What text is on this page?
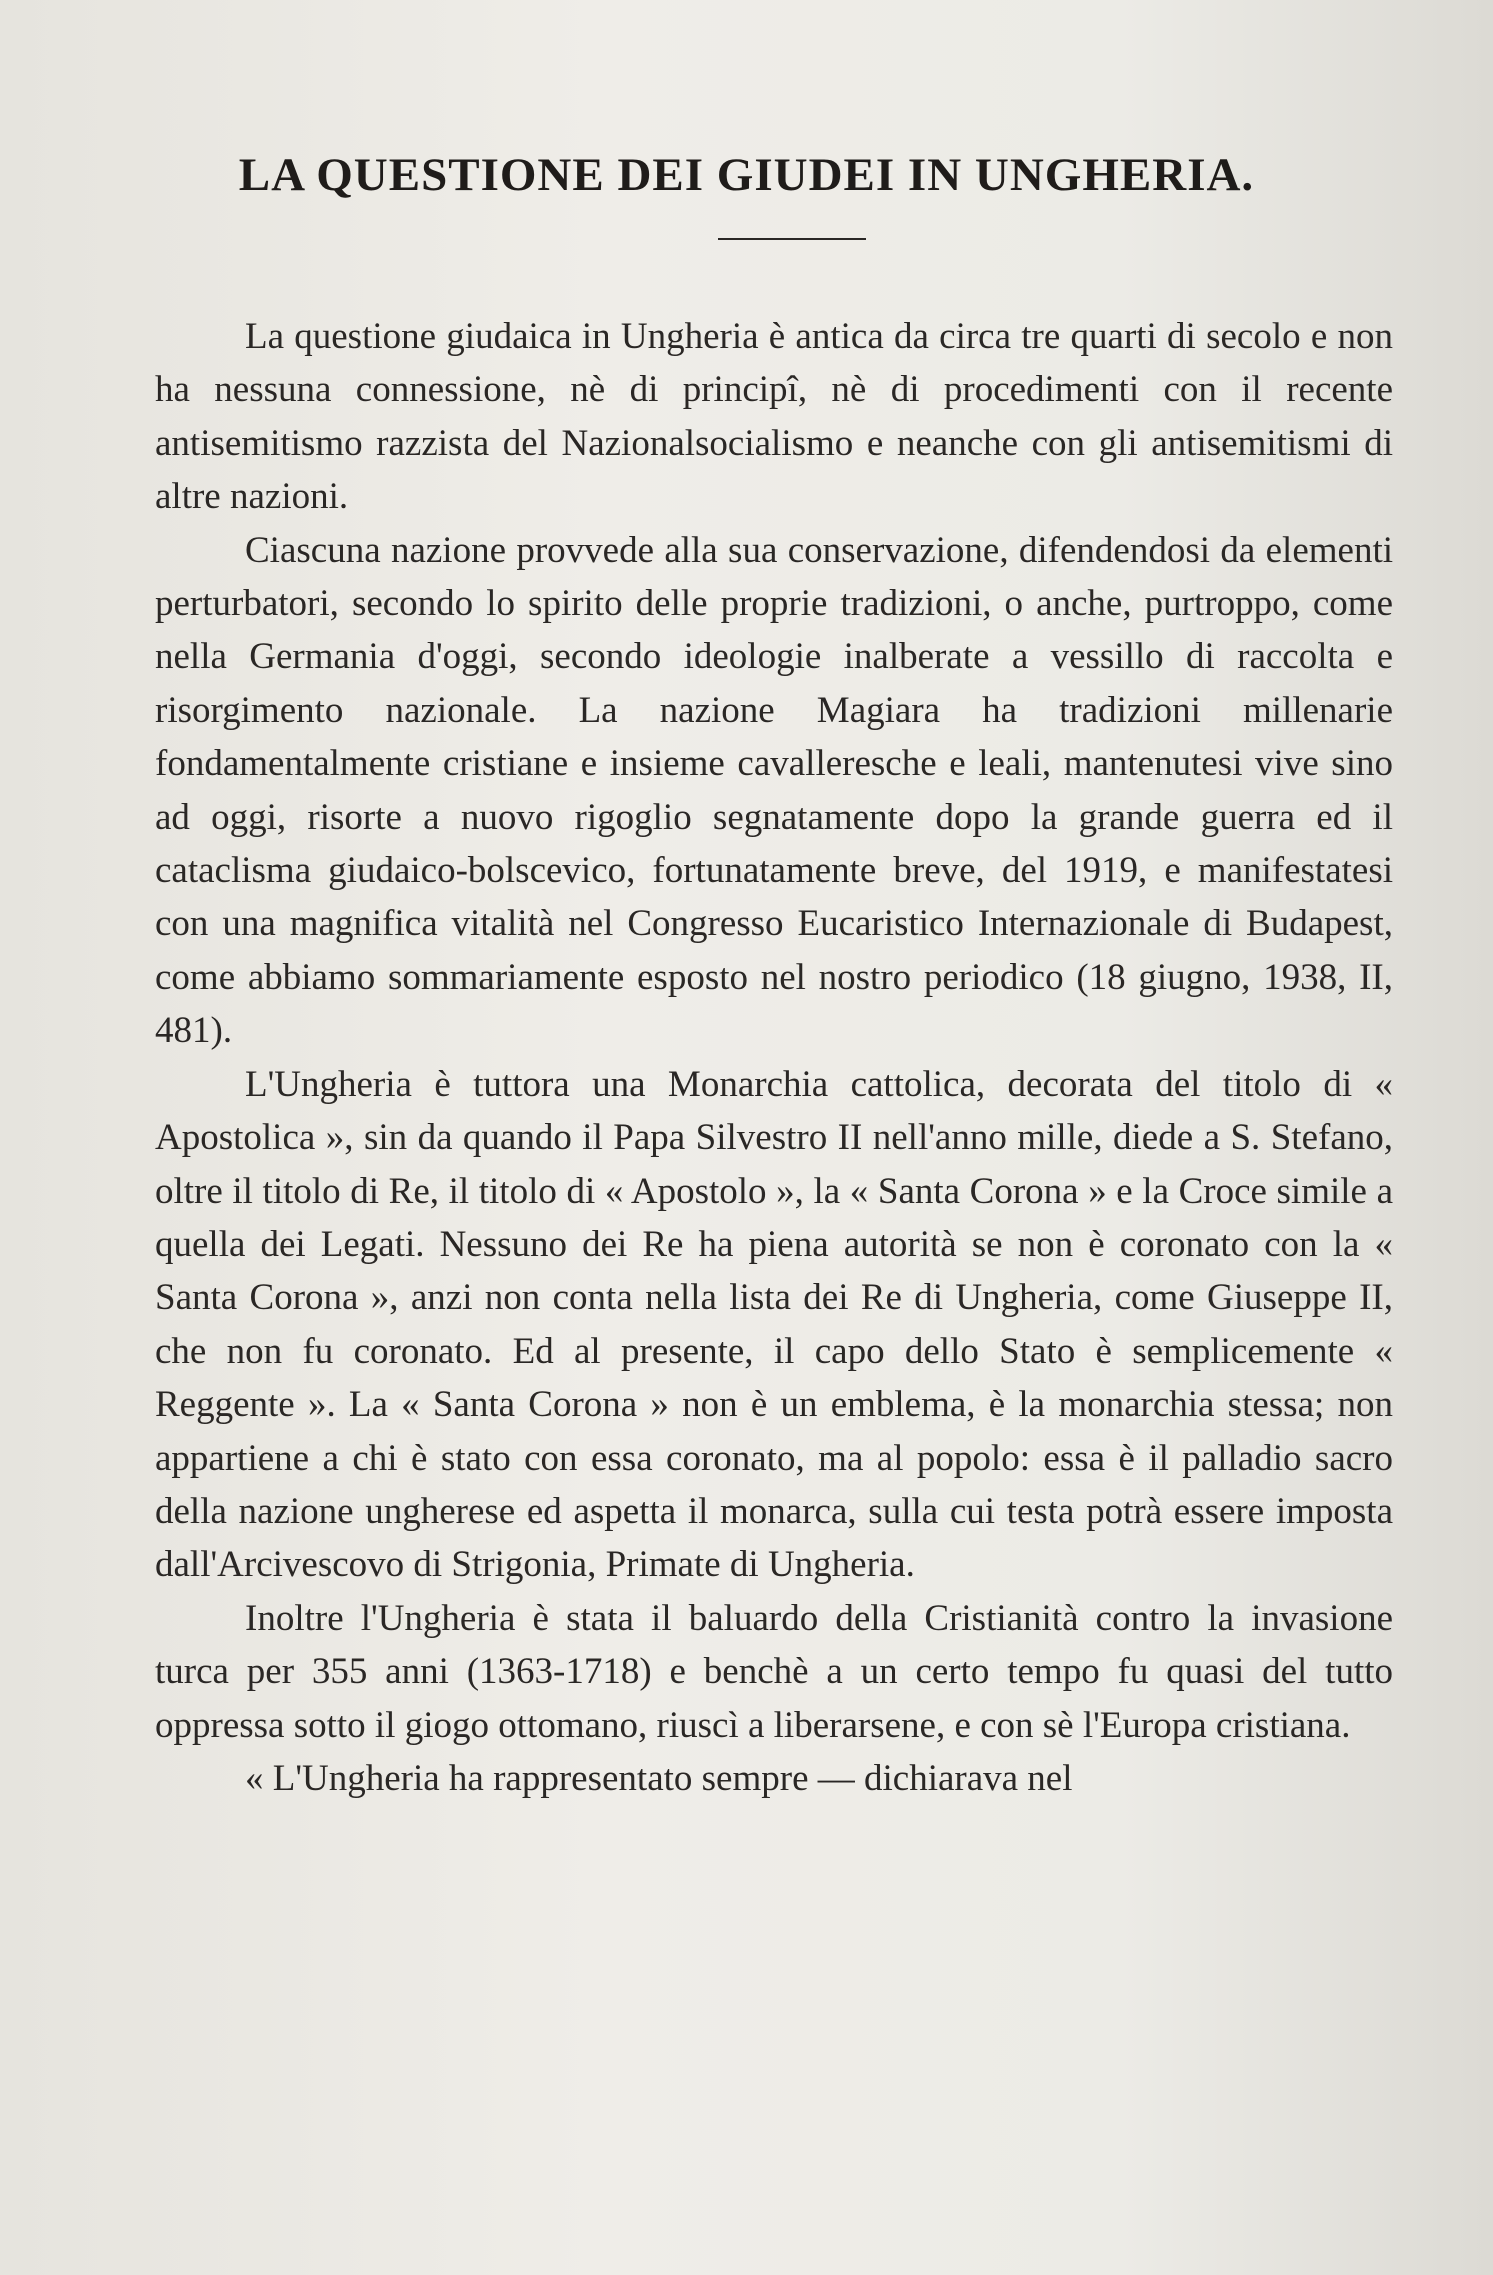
LA QUESTIONE DEI GIUDEI IN UNGHERIA.

La questione giudaica in Ungheria è antica da circa tre quarti di secolo e non ha nessuna connessione, nè di principî, nè di procedimenti con il recente antisemitismo razzista del Nazionalsocialismo e neanche con gli antisemitismi di altre nazioni.

Ciascuna nazione provvede alla sua conservazione, difendendosi da elementi perturbatori, secondo lo spirito delle proprie tradizioni, o anche, purtroppo, come nella Germania d'oggi, secondo ideologie inalberate a vessillo di raccolta e risorgimento nazionale. La nazione Magiara ha tradizioni millenarie fondamentalmente cristiane e insieme cavalleresche e leali, mantenutesi vive sino ad oggi, risorte a nuovo rigoglio segnatamente dopo la grande guerra ed il cataclisma giudaico-bolscevico, fortunatamente breve, del 1919, e manifestatesi con una magnifica vitalità nel Congresso Eucaristico Internazionale di Budapest, come abbiamo sommariamente esposto nel nostro periodico (18 giugno, 1938, II, 481).

L'Ungheria è tuttora una Monarchia cattolica, decorata del titolo di « Apostolica », sin da quando il Papa Silvestro II nell'anno mille, diede a S. Stefano, oltre il titolo di Re, il titolo di « Apostolo », la « Santa Corona » e la Croce simile a quella dei Legati. Nessuno dei Re ha piena autorità se non è coronato con la « Santa Corona », anzi non conta nella lista dei Re di Ungheria, come Giuseppe II, che non fu coronato. Ed al presente, il capo dello Stato è semplicemente « Reggente ». La « Santa Corona » non è un emblema, è la monarchia stessa; non appartiene a chi è stato con essa coronato, ma al popolo: essa è il palladio sacro della nazione ungherese ed aspetta il monarca, sulla cui testa potrà essere imposta dall'Arcivescovo di Strigonia, Primate di Ungheria.

Inoltre l'Ungheria è stata il baluardo della Cristianità contro la invasione turca per 355 anni (1363-1718) e benchè a un certo tempo fu quasi del tutto oppressa sotto il giogo ottomano, riuscì a liberarsene, e con sè l'Europa cristiana.

« L'Ungheria ha rappresentato sempre — dichiarava nel
